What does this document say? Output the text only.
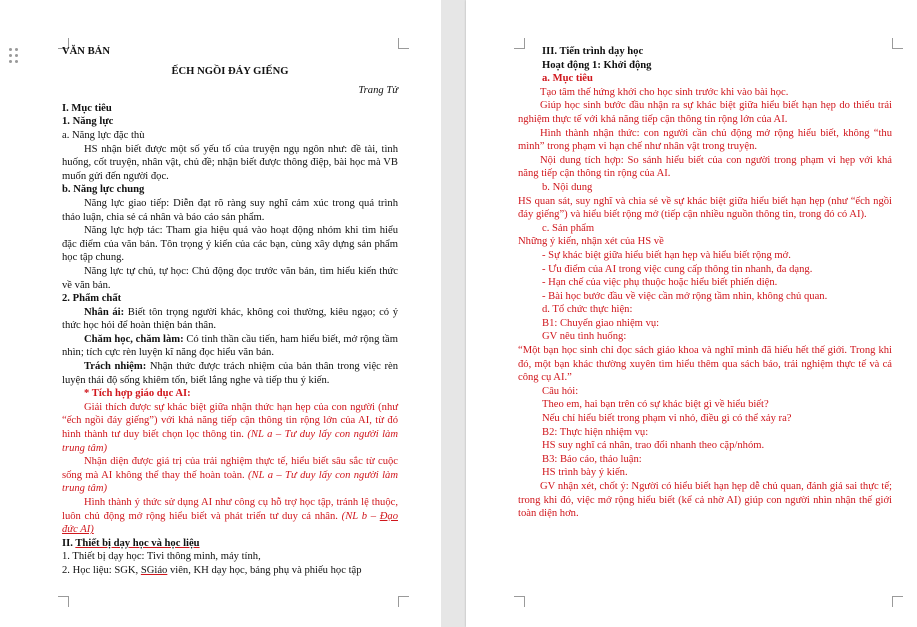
VĂN BẢN

ẾCH NGỒI ĐÁY GIẾNG

Trang Tử

I. Mục tiêu

1. Năng lực

a. Năng lực đặc thù

HS nhận biết được một số yếu tố của truyện ngụ ngôn như: đề tài, tình huống, cốt truyện, nhân vật, chủ đề; nhận biết được thông điệp, bài học mà VB muốn gửi đến người đọc.

b. Năng lực chung

Năng lực giao tiếp: Diễn đạt rõ ràng suy nghĩ cảm xúc trong quá trình thảo luận, chia sẻ cá nhân và báo cáo sản phẩm.

Năng lực hợp tác: Tham gia hiệu quả vào hoạt động nhóm khi tìm hiểu đặc điểm của văn bản. Tôn trọng ý kiến của các bạn, cùng xây dựng sản phẩm học tập chung.

Năng lực tự chủ, tự học: Chủ động đọc trước văn bản, tìm hiểu kiến thức về văn bản.

2. Phẩm chất

Nhân ái: Biết tôn trọng người khác, không coi thường, kiêu ngạo; có ý thức học hỏi để hoàn thiện bản thân.

Chăm học, chăm làm: Có tinh thần cầu tiến, ham hiểu biết, mở rộng tầm nhìn; tích cực rèn luyện kĩ năng đọc hiểu văn bản.

Trách nhiệm: Nhận thức được trách nhiệm của bản thân trong việc rèn luyện thái độ sống khiêm tốn, biết lắng nghe và tiếp thu ý kiến.

* Tích hợp giáo dục AI:

Giải thích được sự khác biệt giữa nhận thức hạn hẹp của con người (như “ếch ngồi đáy giếng”) với khả năng tiếp cận thông tin rộng lớn của AI, từ đó hình thành tư duy biết chọn lọc thông tin. (NL a – Tư duy lấy con người làm trung tâm)

Nhận diện được giá trị của trải nghiệm thực tế, hiểu biết sâu sắc từ cuộc sống mà AI không thể thay thế hoàn toàn. (NL a – Tư duy lấy con người làm trung tâm)

Hình thành ý thức sử dụng AI như công cụ hỗ trợ học tập, tránh lệ thuộc, luôn chủ động mở rộng hiểu biết và phát triển tư duy cá nhân. (NL b – Đạo đức AI)

II. Thiết bị dạy học và học liệu

1. Thiết bị dạy học: Tivi thông minh, máy tính,

2. Học liệu: SGK, SGiáo viên, KH dạy học, bảng phụ và phiếu học tập

III. Tiến trình dạy học

Hoạt động 1: Khởi động

a. Mục tiêu

Tạo tâm thế hứng khởi cho học sinh trước khi vào bài học.

Giúp học sinh bước đầu nhận ra sự khác biệt giữa hiểu biết hạn hẹp do thiếu trải nghiệm thực tế với khả năng tiếp cận thông tin rộng lớn của AI.

Hình thành nhận thức: con người cần chủ động mở rộng hiểu biết, không “thu mình” trong phạm vi hạn chế như nhân vật trong truyện.

Nội dung tích hợp: So sánh hiểu biết của con người trong phạm vi hẹp với khả năng tiếp cận thông tin rộng của AI.

b. Nội dung

HS quan sát, suy nghĩ và chia sẻ về sự khác biệt giữa hiểu biết hạn hẹp (như “ếch ngồi đáy giếng”) và hiểu biết rộng mở (tiếp cận nhiều nguồn thông tin, trong đó có AI).

c. Sản phẩm

Những ý kiến, nhận xét của HS về

- Sự khác biệt giữa hiểu biết hạn hẹp và hiểu biết rộng mở.

- Ưu điểm của AI trong việc cung cấp thông tin nhanh, đa dạng.

- Hạn chế của việc phụ thuộc hoặc hiểu biết phiến diện.

- Bài học bước đầu về việc cần mở rộng tầm nhìn, không chủ quan.

d. Tổ chức thực hiện:

B1: Chuyển giao nhiệm vụ:

GV nêu tình huống:

“Một bạn học sinh chỉ đọc sách giáo khoa và nghĩ mình đã hiểu hết thế giới. Trong khi đó, một bạn khác thường xuyên tìm hiểu thêm qua sách báo, trải nghiệm thực tế và cả công cụ AI.”

Câu hỏi:

Theo em, hai bạn trên có sự khác biệt gì về hiểu biết?

Nếu chỉ hiểu biết trong phạm vi nhỏ, điều gì có thể xảy ra?

B2: Thực hiện nhiệm vụ:

HS suy nghĩ cá nhân, trao đổi nhanh theo cặp/nhóm.

B3: Báo cáo, thảo luận:

HS trình bày ý kiến.

GV nhận xét, chốt ý: Người có hiểu biết hạn hẹp dễ chủ quan, đánh giá sai thực tế; trong khi đó, việc mở rộng hiểu biết (kể cả nhờ AI) giúp con người nhìn nhận thế giới toàn diện hơn.
